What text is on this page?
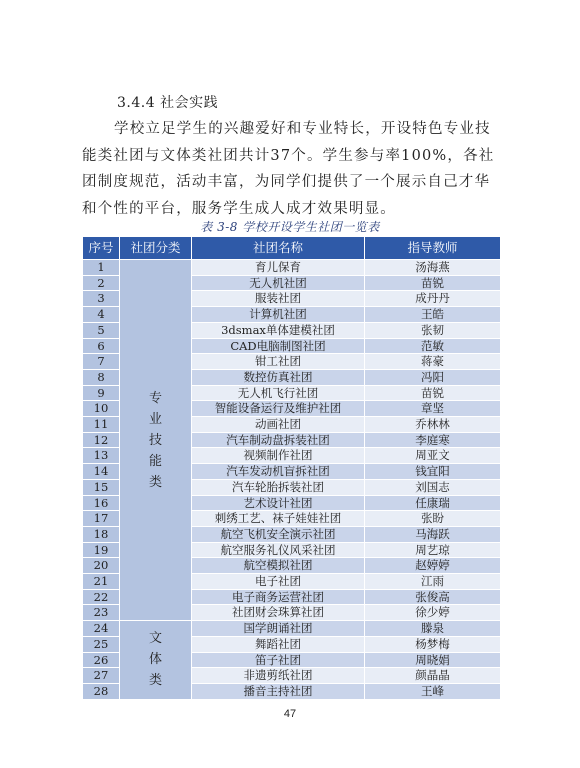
3.4.4 社会实践
学校立足学生的兴趣爱好和专业特长，开设特色专业技能类社团与文体类社团共计37个。学生参与率100%，各社团制度规范，活动丰富，为同学们提供了一个展示自己才华和个性的平台，服务学生成人成才效果明显。
表 3-8 学校开设学生社团一览表
序号	社团分类	社团名称	指导教师
1	专业技能类	育儿保育	汤海燕
2		无人机社团	苗锐
3		服装社团	成丹丹
4		计算机社团	王皓
5		3dsmax单体建模社团	张韧
6		CAD电脑制图社团	范敏
7		钳工社团	蒋豪
8		数控仿真社团	冯阳
9		无人机飞行社团	苗锐
10		智能设备运行及维护社团	章坚
11		动画社团	乔林林
12		汽车制动盘拆装社团	李庭寒
13		视频制作社团	周亚文
14		汽车发动机盲拆社团	钱宜阳
15		汽车轮胎拆装社团	刘国志
16		艺术设计社团	任康瑞
17		刺绣工艺、袜子娃娃社团	张盼
18		航空飞机安全演示社团	马海跃
19		航空服务礼仪风采社团	周艺琼
20		航空模拟社团	赵婷婷
21		电子社团	江雨
22		电子商务运营社团	张俊高
23		社团财会珠算社团	徐少婷
24	文体类	国学朗诵社团	滕泉
25		舞蹈社团	杨梦梅
26		笛子社团	周晓娟
27		非遗剪纸社团	颜晶晶
28		播音主持社团	王峰
47
